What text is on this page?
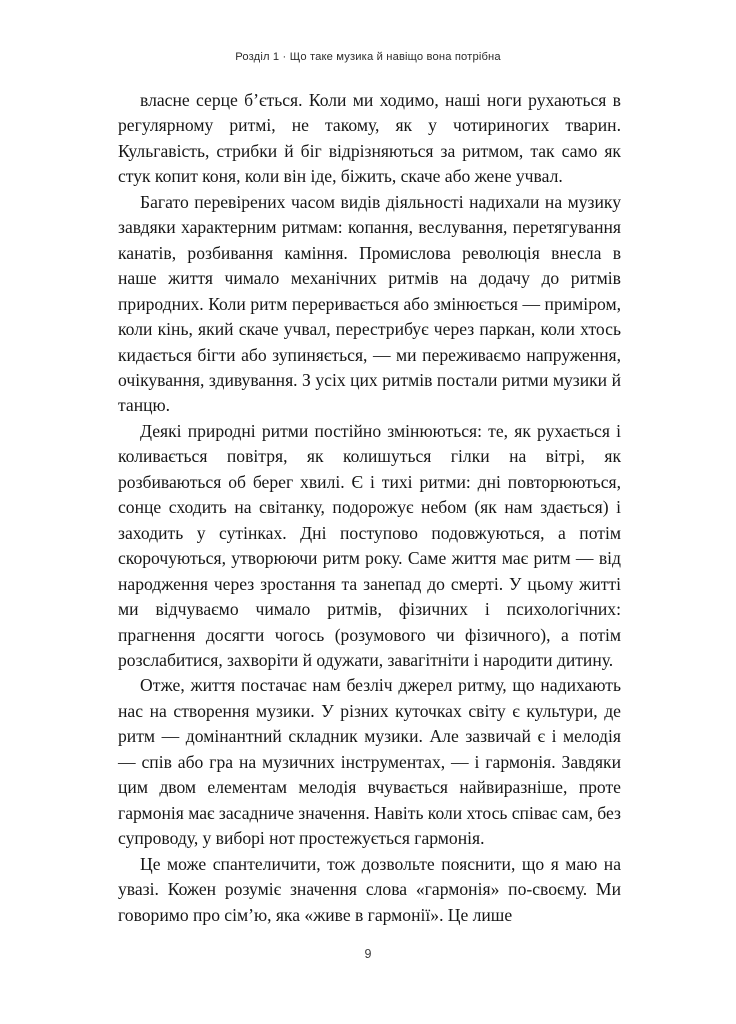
Розділ 1 · Що таке музика й навіщо вона потрібна

власне серце б’ється. Коли ми ходимо, наші ноги рухаються в регулярному ритмі, не такому, як у чотириногих тварин. Кульгавість, стрибки й біг відрізняються за ритмом, так само як стук копит коня, коли він іде, біжить, скаче або жене учвал.

Багато перевірених часом видів діяльності надихали на музику завдяки характерним ритмам: копання, веслування, перетягування канатів, розбивання каміння. Промислова революція внесла в наше життя чимало механічних ритмів на додачу до ритмів природних. Коли ритм переривається або змінюється — приміром, коли кінь, який скаче учвал, перестрибує через паркан, коли хтось кидається бігти або зупиняється, — ми переживаємо напруження, очікування, здивування. З усіх цих ритмів постали ритми музики й танцю.

Деякі природні ритми постійно змінюються: те, як рухається і коливається повітря, як колишуться гілки на вітрі, як розбиваються об берег хвилі. Є і тихі ритми: дні повторюються, сонце сходить на світанку, подорожує небом (як нам здається) і заходить у сутінках. Дні поступово подовжуються, а потім скорочуються, утворюючи ритм року. Саме життя має ритм — від народження через зростання та занепад до смерті. У цьому житті ми відчуваємо чимало ритмів, фізичних і психологічних: прагнення досягти чогось (розумового чи фізичного), а потім розслабитися, захворіти й одужати, завагітніти і народити дитину.

Отже, життя постачає нам безліч джерел ритму, що надихають нас на створення музики. У різних куточках світу є культури, де ритм — домінантний складник музики. Але зазвичай є і мелодія — спів або гра на музичних інструментах, — і гармонія. Завдяки цим двом елементам мелодія вчувається найвиразніше, проте гармонія має засадниче значення. Навіть коли хтось співає сам, без супроводу, у виборі нот простежується гармонія.

Це може спантеличити, тож дозвольте пояснити, що я маю на увазі. Кожен розуміє значення слова «гармонія» по-своєму. Ми говоримо про сім’ю, яка «живе в гармонії». Це лише

9
